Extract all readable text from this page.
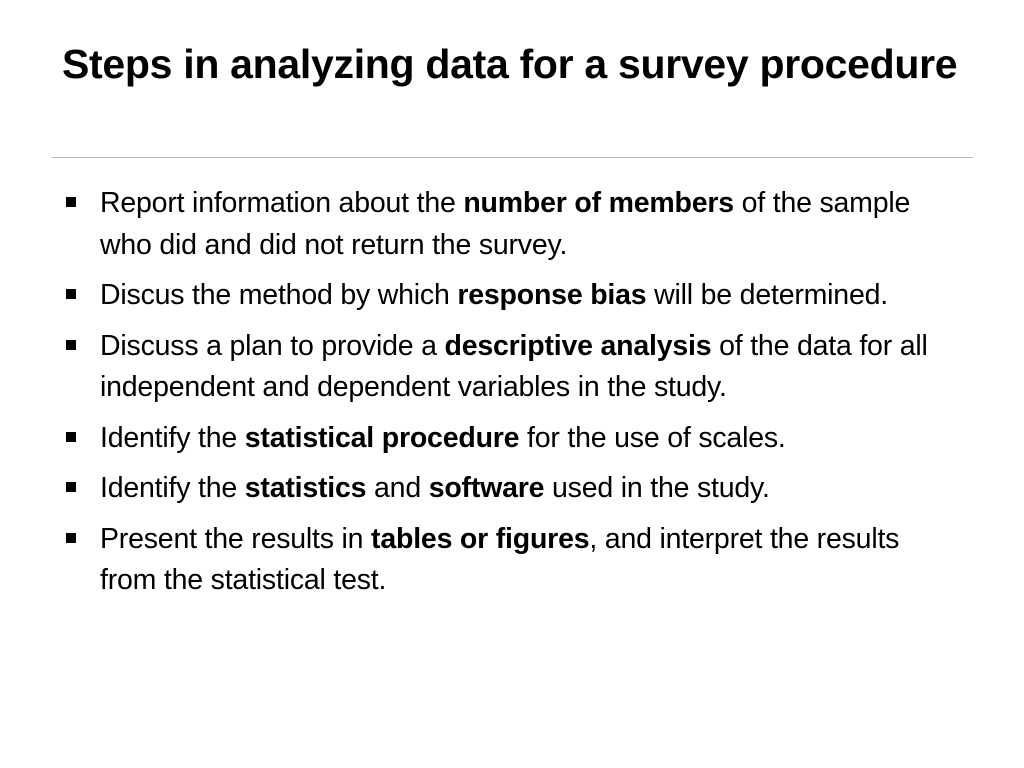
Steps in analyzing data for a survey procedure
Report information about the number of members of the sample who did and did not return the survey.
Discus the method by which response bias will be determined.
Discuss a plan to provide a descriptive analysis of the data for all independent and dependent variables in the study.
Identify the statistical procedure for the use of scales.
Identify the statistics and software used in the study.
Present the results in tables or figures, and interpret the results from the statistical test.
